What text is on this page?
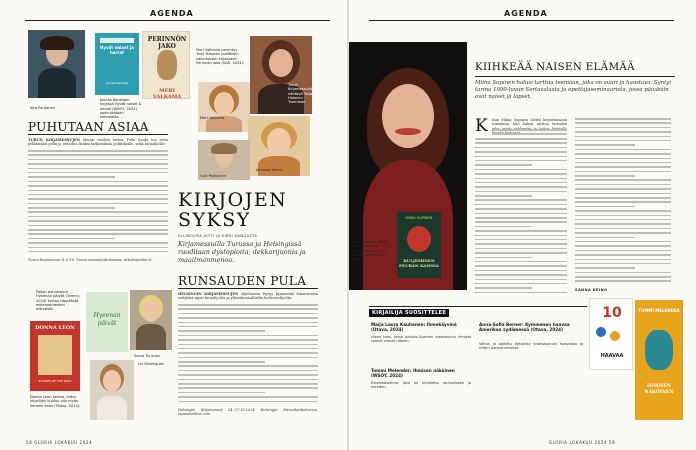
AGENDA
Kira Poutanen
Hyvät naiset ja herrat
Joonas Konstig
Joonas Konstigin kirjassa Hyvät naiset & herrat (WSOY, 2024) spekuloidaan kohtaloilla.
PERINNÖN JAKO
MERI VALKAMA
Meri Valkama perehtyy Tarja Halosen poliittisiin vaikutuksiin kirjassaan Perinnön jako (S&S, 2024).
Meri Valkama
Turun Kirjamessuilla nähtävä Tarja Halonen Tuomioon
Johanna Venho
Outi Pakkanen
PUHUTAAN ASIAA
TURUN KIRJAMESSUJEN tämän vuoden teema Pelin henki tuo esiin pelkästään pelin ja urheilun lisäksi tarkoituksia poliitikoille, sekä kirjailijoille.
Turun kirjamessut 4.-6.10. Turun messukeskuksessa, Artukaisentie 8.
KIRJOJEN
SYKSY
ELLINOORA AITTI JA KIRSI KANGASTA
Kirjamessuilla Turussa ja Helsingissä ruoditaan dystopioita, dekkarijuonia ja maailmanmenoa.
RUNSAUDEN PULA
HELSINGIN KIRJAMESSUJEN ohjelmasta löytyy kymmeniä kiinnostavia esityksiä myös kirjailijoilta ja yhteiskunnallisilta keskustelijoilta.
Helsingin Kirjamessut 24.-27.10.2024 Helsingin Messukeskuksessa, messukeskus.com
Paljon puhuttanut Hyeenan päivät (Tammi, 2024) kertoo täppäästä edesmenneiden elämästä.
DONNA LEON
ECHOES OF THE PAST
Donna Leon kertoo, miksi kirjailijan kuuluu olla myös veneen mies (Otava, 2024).
Hyeenan
päivät
Saara Turunen
Liv Strömquist
58 GLORIA LOKAKUU 2024
AGENDA
Miina Supinen (alla) julkaisee kirjan kuluvana syksynä Kuljeminen peuran kanssa.
MIINA SUPINEN
KULJEMINEN PEURAN KANSSA
KIIHKEÄÄ NAISEN ELÄMÄÄ
Miina Supinen halusi tarttua teemaan, joka on suuri ja haastava. Syntyi tarina 1990-luvun Sortavalasta ja opettajaseminaarista, jossa päiväisin ovat naiset ja lapset.
K	Kun Miina Supinen aloitti kirjoittamaan romaania, hän halusi tarttua tarinaan
SANNA KEINO
KIRJAILIJA SUOSITTELEE
Maija Laura Kauhanen: Ihmekäyvinä (Otava, 2024)
Hieno teos, jossa pohjois-Suomen maaseudun ihmiset saavat viimein äänen.
Tommi Melender: Ihmisen näköinen (WSOY, 2024)
Esseekokoelma, joka on kirjoitettu rauhallisesti ja harkiten.
Anna-Sofia Berner: Kymmenen haavaa Amerikan sydämessä (Otava, 2024)
Vahva ja palkittu tietokirja yhteiskunnan haavoista ja niiden parantumisesta.
10
HAAVAA
TOMMI MELENDER
IHMISEN NÄKÖINEN
GLORIA LOKAKUU 2024 59
